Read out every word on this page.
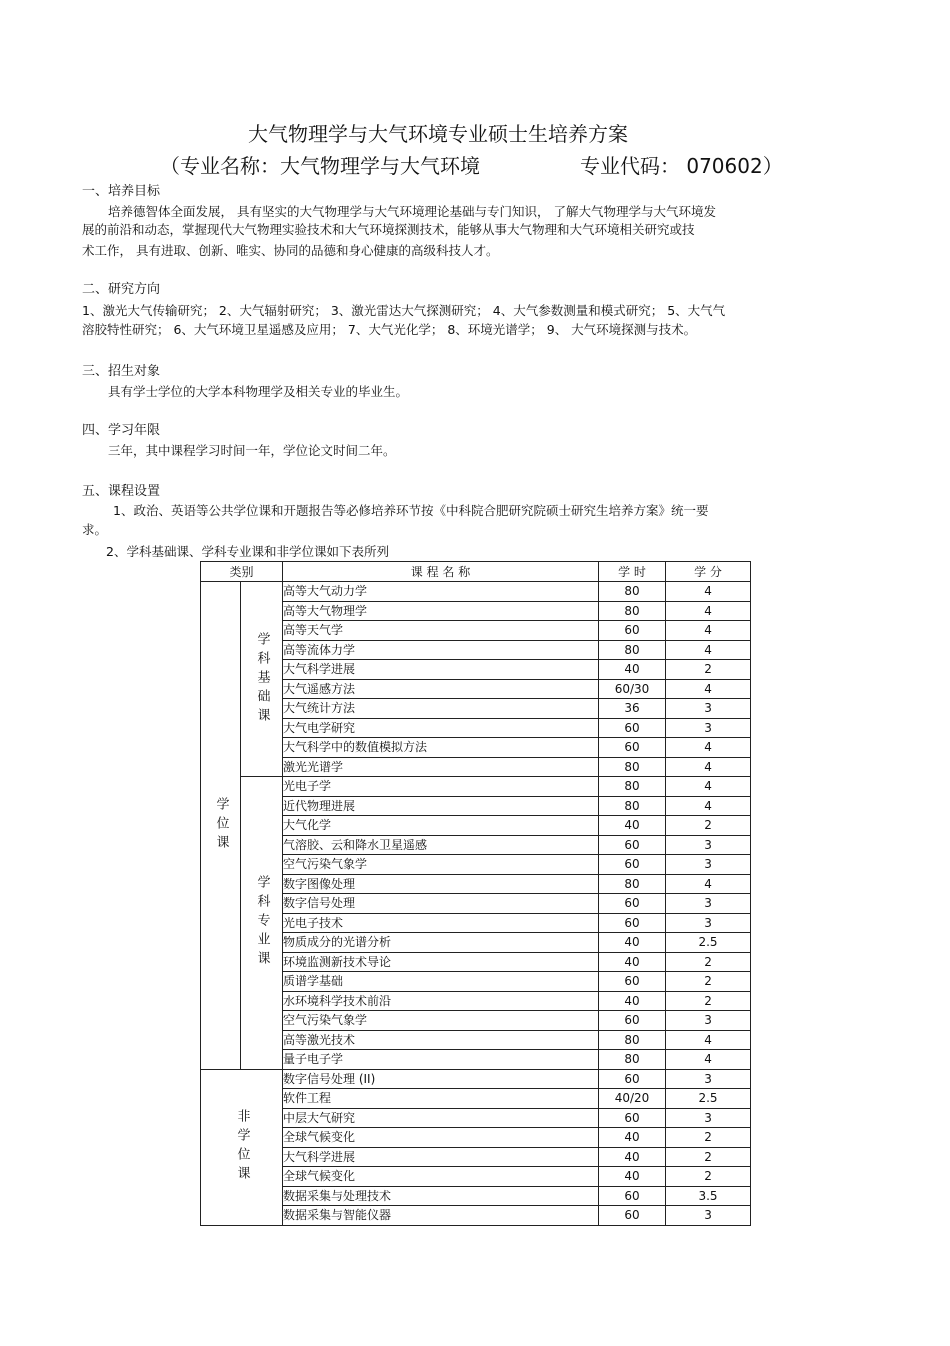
大气物理学与大气环境专业硕士生培养方案
（专业名称：大气物理学与大气环境	专业代码： 070602）
一、培养目标
培养德智体全面发展， 具有坚实的大气物理学与大气环境理论基础与专门知识， 了解大气物理学与大气环境发
展的前沿和动态，掌握现代大气物理实验技术和大气环境探测技术，能够从事大气物理和大气环境相关研究或技
术工作， 具有进取、创新、唯实、协同的品德和身心健康的高级科技人才。
二、研究方向
1、激光大气传输研究； 2、大气辐射研究； 3、激光雷达大气探测研究； 4、大气参数测量和模式研究； 5、大气气
溶胶特性研究； 6、大气环境卫星遥感及应用； 7、大气光化学； 8、环境光谱学； 9、 大气环境探测与技术。
三、招生对象
具有学士学位的大学本科物理学及相关专业的毕业生。
四、学习年限
三年，其中课程学习时间一年，学位论文时间二年。
五、课程设置
1、政治、英语等公共学位课和开题报告等必修培养环节按《中科院合肥研究院硕士研究生培养方案》统一要
求。
2、学科基础课、学科专业课和非学位课如下表所列
类别		课 程 名 称	学 时	学 分

学位课	学科基础课	高等大气动力学	80	4
		高等大气物理学	80	4
		高等天气学	60	4
		高等流体力学	80	4
		大气科学进展	40	2
		大气遥感方法	60/30	4
		大气统计方法	36	3
		大气电学研究	60	3
		大气科学中的数值模拟方法	60	4
		激光光谱学	80	4

	学科专业课	光电子学	80	4
		近代物理进展	80	4
		大气化学	40	2
		气溶胶、云和降水卫星遥感	60	3
		空气污染气象学	60	3
		数字图像处理	80	4
		数字信号处理	60	3
		光电子技术	60	3
		物质成分的光谱分析	40	2.5
		环境监测新技术导论	40	2
		质谱学基础	60	2
		水环境科学技术前沿	40	2
		空气污染气象学	60	3
		高等激光技术	80	4
		量子电子学	80	4

非学位课		数字信号处理 (II)	60	3
		软件工程	40/20	2.5
		中层大气研究	60	3
		全球气候变化	40	2
		大气科学进展	40	2
		全球气候变化	40	2
		数据采集与处理技术	60	3.5
		数据采集与智能仪器	60	3
